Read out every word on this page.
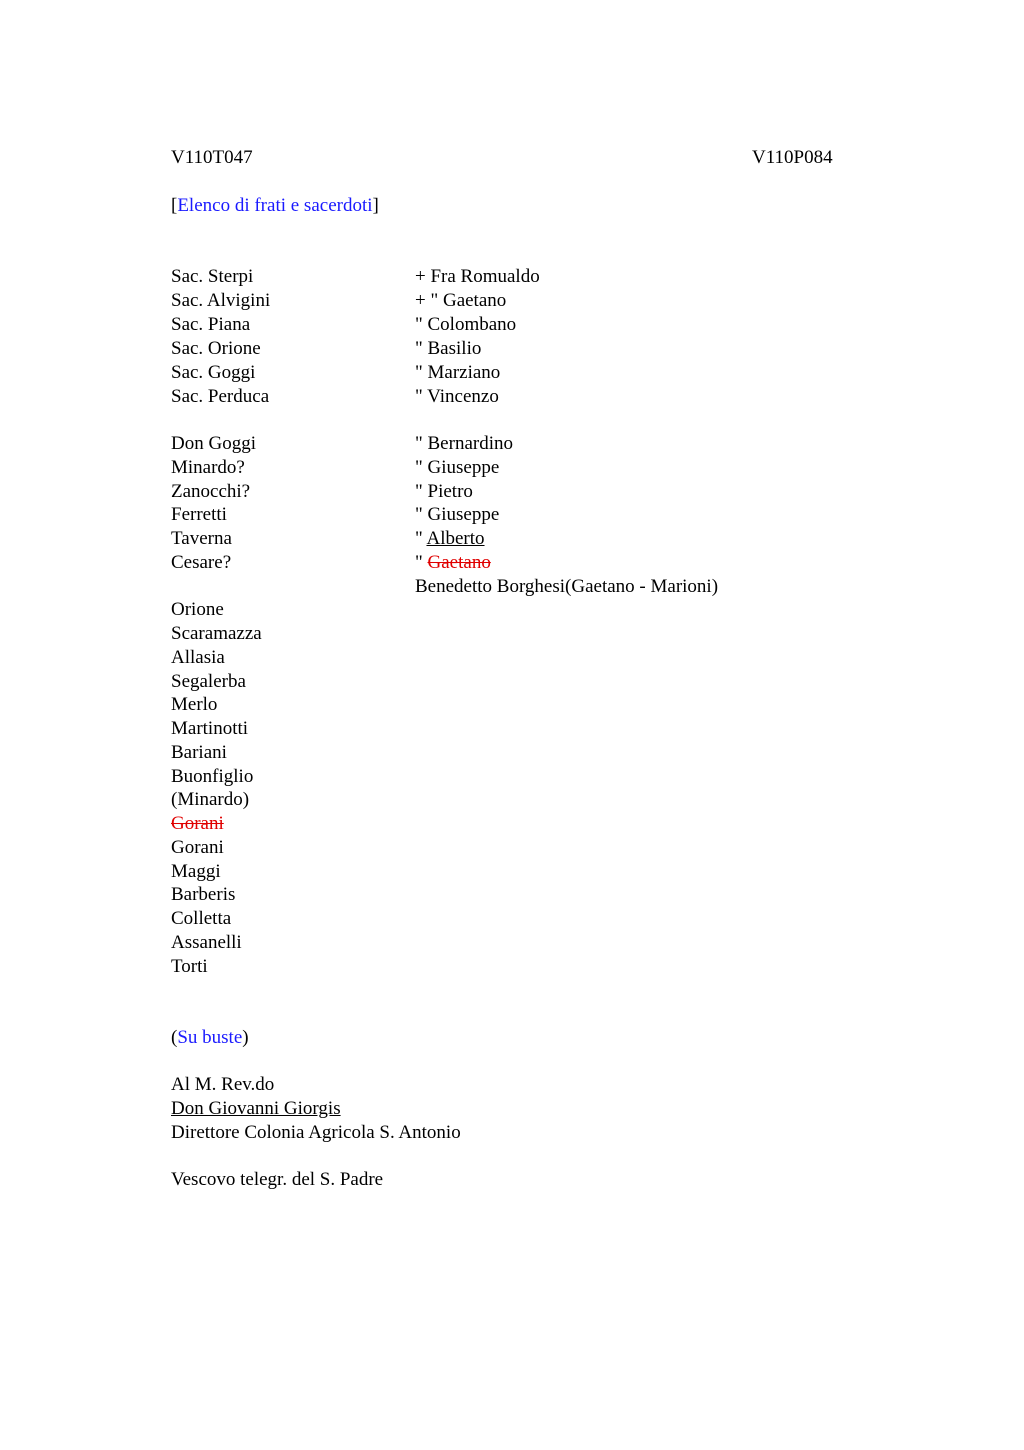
V110T047	V110P084
[Elenco di frati e sacerdoti]
Sac. Sterpi
Sac. Alvigini
Sac. Piana
Sac. Orione
Sac. Goggi
Sac. Perduca
+ Fra Romualdo
+ " Gaetano
" Colombano
" Basilio
" Marziano
" Vincenzo
Don Goggi
Minardo?
Zanocchi?
Ferretti
Taverna
Cesare?
" Bernardino
" Giuseppe
" Pietro
" Giuseppe
" Alberto
" Gaetano
Benedetto Borghesi(Gaetano - Marioni)
Orione
Scaramazza
Allasia
Segalerba
Merlo
Martinotti
Bariani
Buonfiglio
(Minardo)
Gorani
Gorani
Maggi
Barberis
Colletta
Assanelli
Torti
(Su buste)
Al M. Rev.do
Don Giovanni Giorgis
Direttore Colonia Agricola S. Antonio
Vescovo telegr. del S. Padre
